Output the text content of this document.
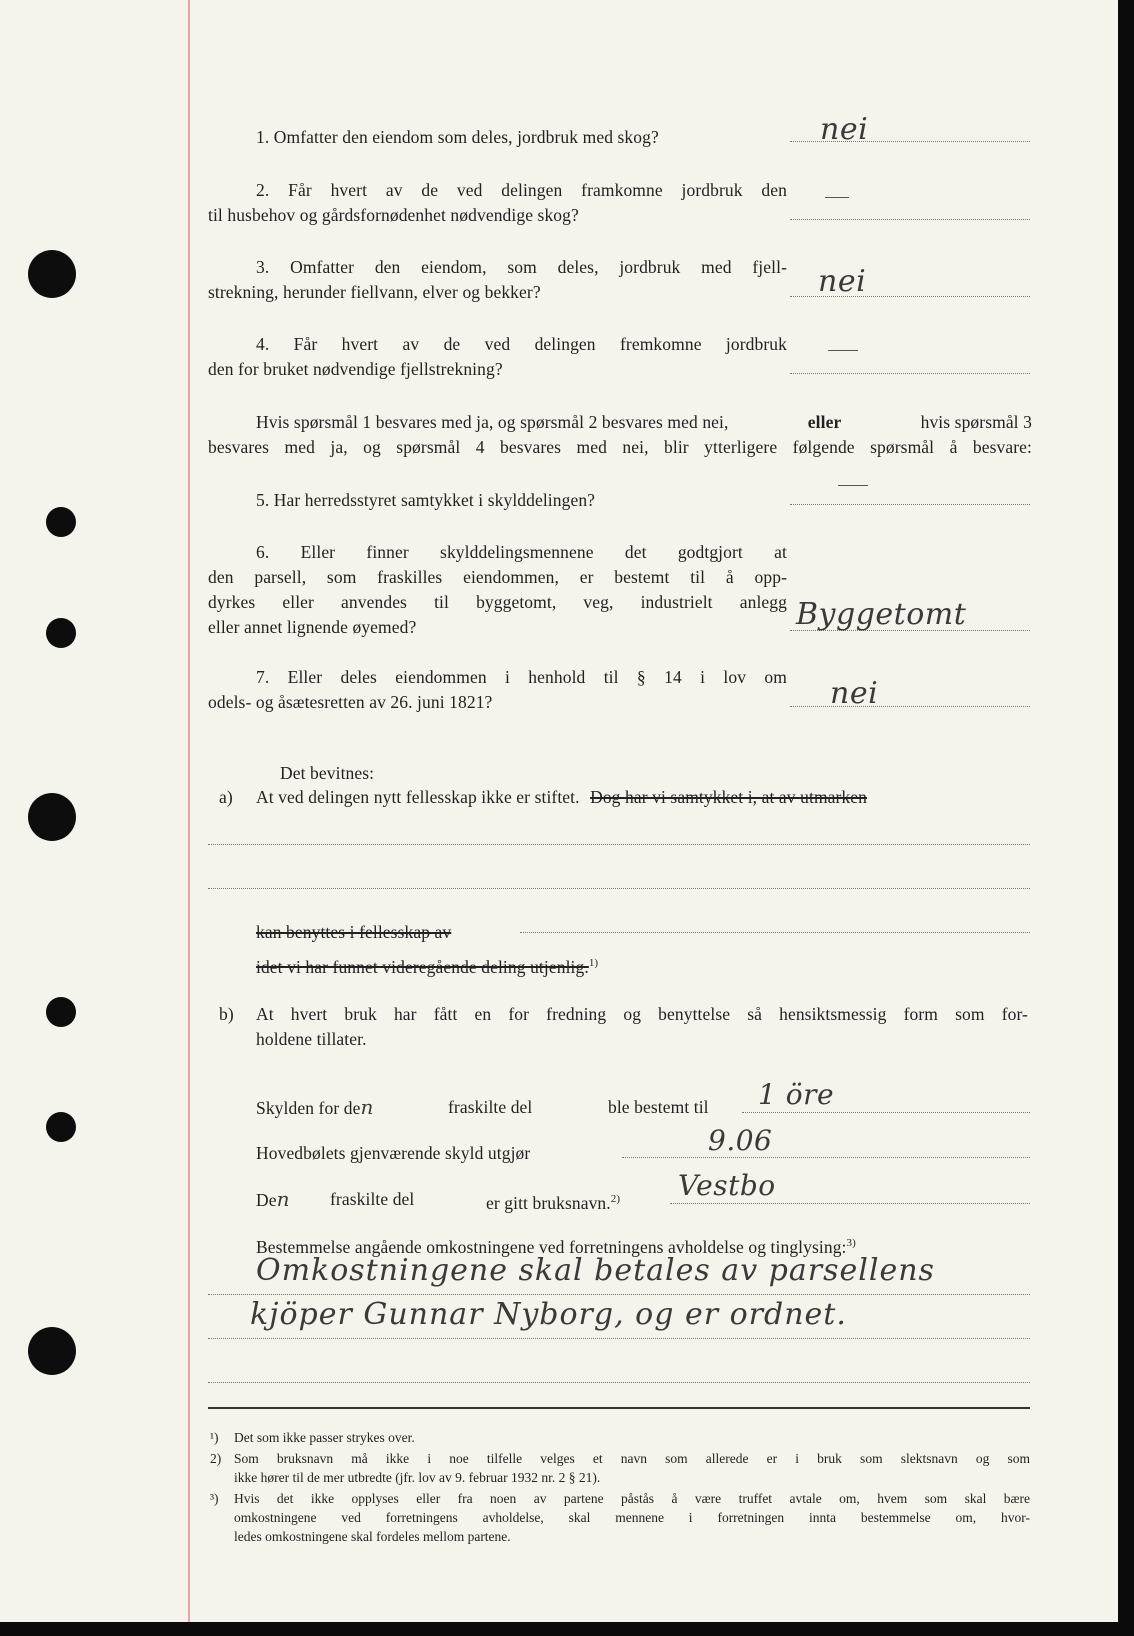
1. Omfatter den eiendom som deles, jordbruk med skog?	nei
2. Får hvert av de ved delingen framkomne jordbruk den
til husbehov og gårdsfornødenhet nødvendige skog?
3. Omfatter den eiendom, som deles, jordbruk med fjell-
strekning, herunder fiellvann, elver og bekker?	nei
4. Får hvert av de ved delingen fremkomne jordbruk
den for bruket nødvendige fjellstrekning?
Hvis spørsmål 1 besvares med ja, og spørsmål 2 besvares med nei,	eller	hvis spørsmål 3
besvares med ja, og spørsmål 4 besvares med nei, blir ytterligere følgende spørsmål å besvare:
5. Har herredsstyret samtykket i skylddelingen?
6. Eller finner skylddelingsmennene det godtgjort at
den parsell, som fraskilles eiendommen, er bestemt til å opp-
dyrkes eller anvendes til byggetomt, veg, industrielt anlegg
eller annet lignende øyemed?	Byggetomt
7. Eller deles eiendommen i henhold til § 14 i lov om
odels- og åsætesretten av 26. juni 1821?	nei
Det bevitnes:
a) At ved delingen nytt fellesskap ikke er stiftet. Dog har vi samtykket i, at av utmarken
kan benyttes i fellesskap av
idet vi har funnet videregående deling utjenlig.$^{1)}$
b) At hvert bruk har fått en for fredning og benyttelse så hensiktsmessig form som for-
holdene tillater.
Skylden for den	fraskilte del	ble bestemt til 1 öre
Hovedbølets gjenværende skyld utgjør	9.06
Den fraskilte del	er gitt bruksnavn.$^{2)}$ Vestbo
Bestemmelse angående omkostningene ved forretningens avholdelse og tinglysing:$^{3)}$
Omkostningene skal betales av parsellens
kjöper Gunnar Nyborg, og er ordnet.
¹) Det som ikke passer strykes over.
2) Som bruksnavn må ikke i noe tilfelle velges et navn som allerede er i bruk som slektsnavn og som
ikke hører til de mer utbredte (jfr. lov av 9. februar 1932 nr. 2 § 21).
³) Hvis det ikke opplyses eller fra noen av partene påstås å være truffet avtale om, hvem som skal bære
omkostningene ved forretningens avholdelse, skal mennene i forretningen innta bestemmelse om, hvor-
ledes omkostningene skal fordeles mellom partene.
